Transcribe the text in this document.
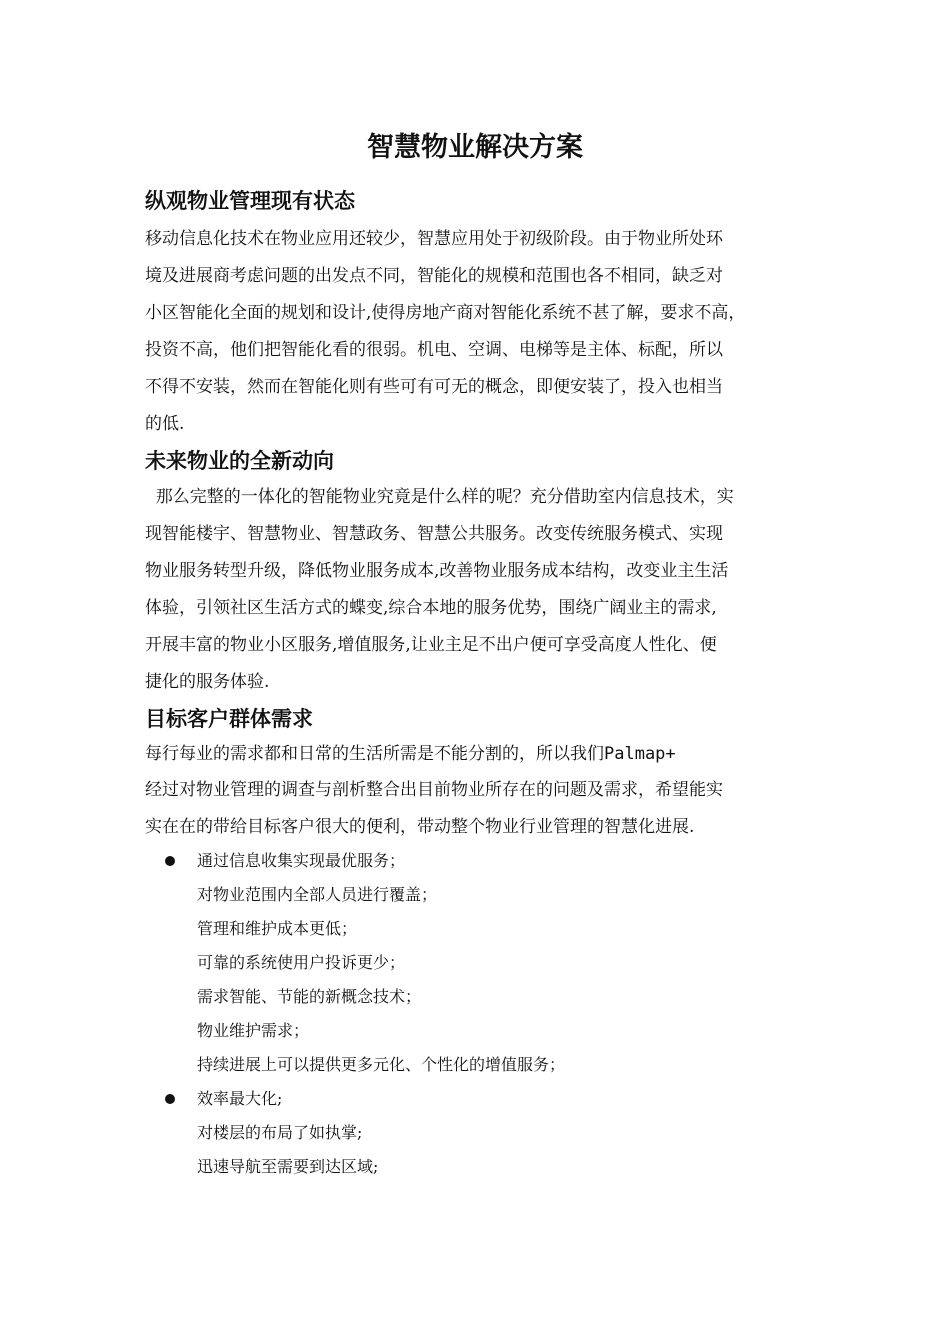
智慧物业解决方案
纵观物业管理现有状态
移动信息化技术在物业应用还较少，智慧应用处于初级阶段。由于物业所处环
境及进展商考虑问题的出发点不同，智能化的规模和范围也各不相同，缺乏对
小区智能化全面的规划和设计,使得房地产商对智能化系统不甚了解，要求不高，
投资不高，他们把智能化看的很弱。机电、空调、电梯等是主体、标配，所以
不得不安装，然而在智能化则有些可有可无的概念，即便安装了，投入也相当
的低.
未来物业的全新动向
那么完整的一体化的智能物业究竟是什么样的呢？充分借助室内信息技术，实
现智能楼宇、智慧物业、智慧政务、智慧公共服务。改变传统服务模式、实现
物业服务转型升级，降低物业服务成本,改善物业服务成本结构，改变业主生活
体验，引领社区生活方式的蝶变,综合本地的服务优势，围绕广阔业主的需求,
开展丰富的物业小区服务,增值服务,让业主足不出户便可享受高度人性化、便
捷化的服务体验.
目标客户群体需求
每行每业的需求都和日常的生活所需是不能分割的，所以我们Palmap+
经过对物业管理的调查与剖析整合出目前物业所存在的问题及需求，希望能实
实在在的带给目标客户很大的便利，带动整个物业行业管理的智慧化进展.
通过信息收集实现最优服务；
对物业范围内全部人员进行覆盖；
管理和维护成本更低；
可靠的系统使用户投诉更少；
需求智能、节能的新概念技术；
物业维护需求；
持续进展上可以提供更多元化、个性化的增值服务；
效率最大化;
对楼层的布局了如执掌;
迅速导航至需要到达区域;
